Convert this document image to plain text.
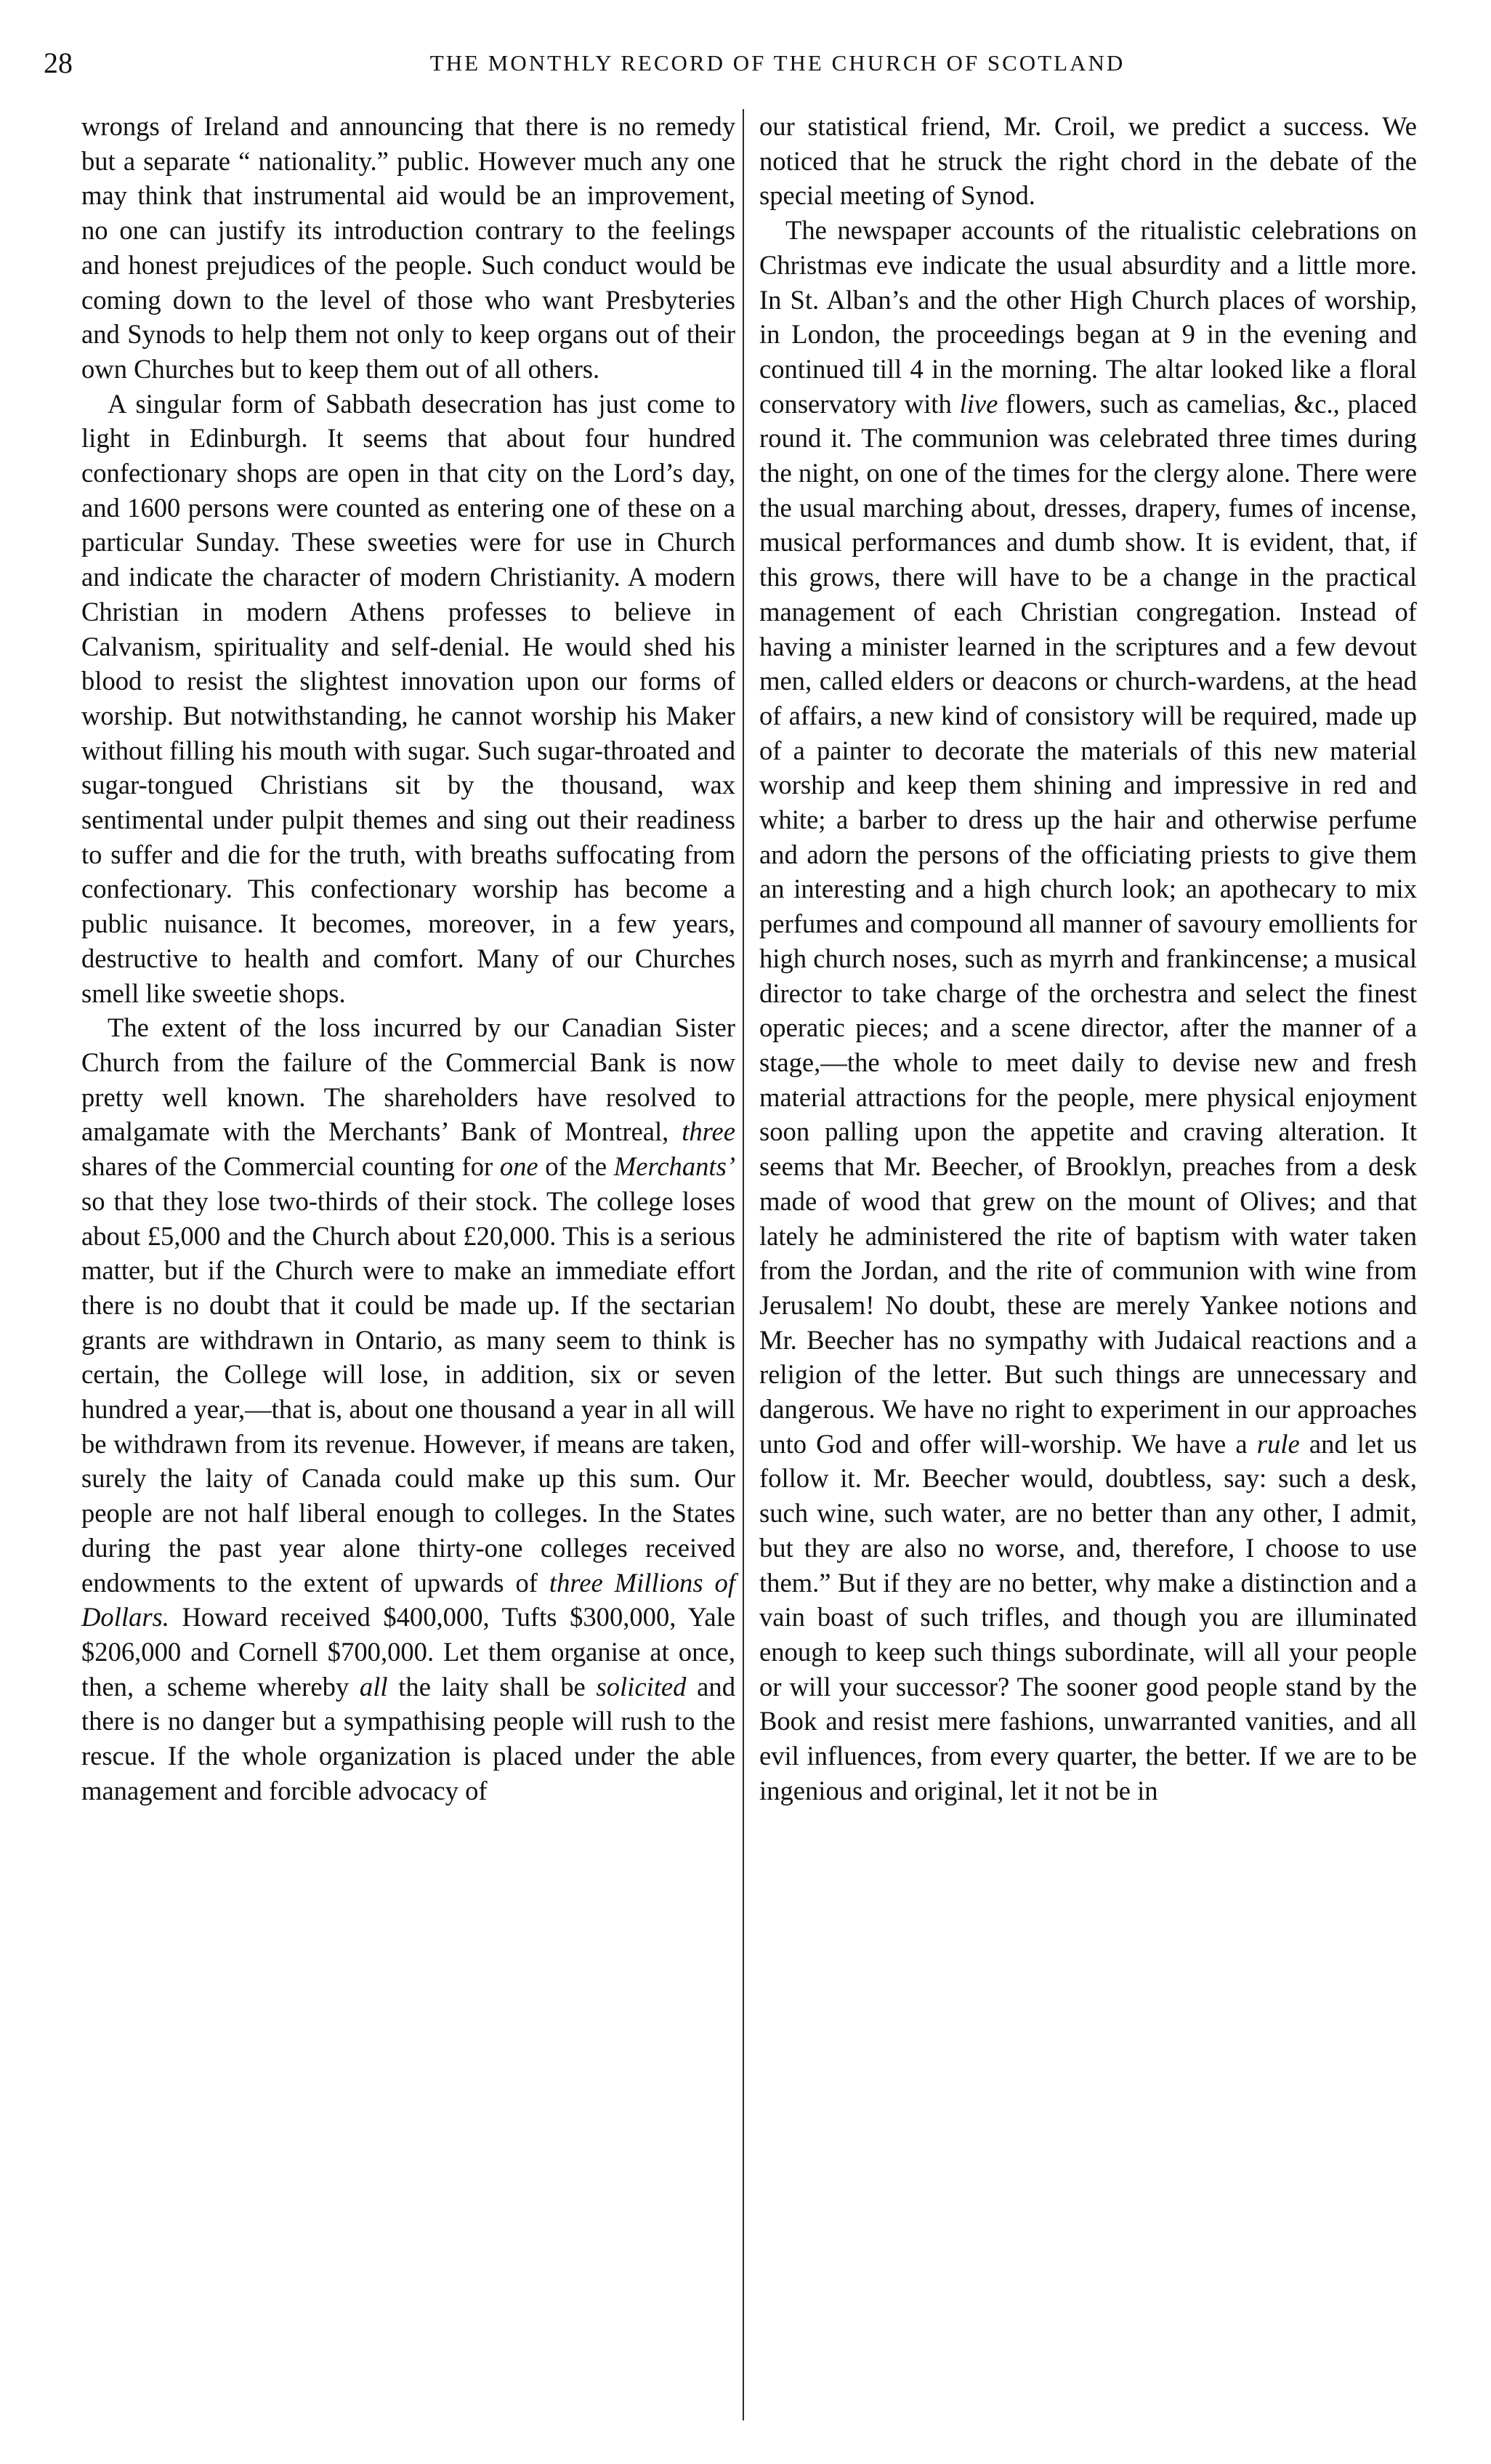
28	THE MONTHLY RECORD OF THE CHURCH OF SCOTLAND

wrongs of Ireland and announcing that there is no remedy but a separate “ nationality.” public. However much any one may think that instrumental aid would be an improvement, no one can justify its introduction contrary to the feelings and honest prejudices of the people. Such conduct would be coming down to the level of those who want Presbyteries and Synods to help them not only to keep organs out of their own Churches but to keep them out of all others.

A singular form of Sabbath desecration has just come to light in Edinburgh. It seems that about four hundred confectionary shops are open in that city on the Lord’s day, and 1600 persons were counted as entering one of these on a particular Sunday. These sweeties were for use in Church and indicate the character of modern Christianity. A modern Christian in modern Athens professes to believe in Calvanism, spirituality and self-denial. He would shed his blood to resist the slightest innovation upon our forms of worship. But notwithstanding, he cannot worship his Maker without filling his mouth with sugar. Such sugar-throated and sugar-tongued Christians sit by the thousand, wax sentimental under pulpit themes and sing out their readiness to suffer and die for the truth, with breaths suffocating from confectionary. This confectionary worship has become a public nuisance. It becomes, moreover, in a few years, destructive to health and comfort. Many of our Churches smell like sweetie shops.

The extent of the loss incurred by our Canadian Sister Church from the failure of the Commercial Bank is now pretty well known. The shareholders have resolved to amalgamate with the Merchants’ Bank of Montreal, three shares of the Commercial counting for one of the Merchants’ so that they lose two-thirds of their stock. The college loses about £5,000 and the Church about £20,000. This is a serious matter, but if the Church were to make an immediate effort there is no doubt that it could be made up. If the sectarian grants are withdrawn in Ontario, as many seem to think is certain, the College will lose, in addition, six or seven hundred a year,—that is, about one thousand a year in all will be withdrawn from its revenue. However, if means are taken, surely the laity of Canada could make up this sum. Our people are not half liberal enough to colleges. In the States during the past year alone thirty-one colleges received endowments to the extent of upwards of three Millions of Dollars. Howard received $400,000, Tufts $300,000, Yale $206,000 and Cornell $700,000. Let them organise at once, then, a scheme whereby all the laity shall be solicited and there is no danger but a sympathising people will rush to the rescue. If the whole organization is placed under the able management and forcible advocacy of

our statistical friend, Mr. Croil, we predict a success. We noticed that he struck the right chord in the debate of the special meeting of Synod.

The newspaper accounts of the ritualistic celebrations on Christmas eve indicate the usual absurdity and a little more. In St. Alban’s and the other High Church places of worship, in London, the proceedings began at 9 in the evening and continued till 4 in the morning. The altar looked like a floral conservatory with live flowers, such as camelias, &c., placed round it. The communion was celebrated three times during the night, on one of the times for the clergy alone. There were the usual marching about, dresses, drapery, fumes of incense, musical performances and dumb show. It is evident, that, if this grows, there will have to be a change in the practical management of each Christian congregation. Instead of having a minister learned in the scriptures and a few devout men, called elders or deacons or church-wardens, at the head of affairs, a new kind of consistory will be required, made up of a painter to decorate the materials of this new material worship and keep them shining and impressive in red and white; a barber to dress up the hair and otherwise perfume and adorn the persons of the officiating priests to give them an interesting and a high church look; an apothecary to mix perfumes and compound all manner of savoury emollients for high church noses, such as myrrh and frankincense; a musical director to take charge of the orchestra and select the finest operatic pieces; and a scene director, after the manner of a stage,—the whole to meet daily to devise new and fresh material attractions for the people, mere physical enjoyment soon palling upon the appetite and craving alteration. It seems that Mr. Beecher, of Brooklyn, preaches from a desk made of wood that grew on the mount of Olives; and that lately he administered the rite of baptism with water taken from the Jordan, and the rite of communion with wine from Jerusalem! No doubt, these are merely Yankee notions and Mr. Beecher has no sympathy with Judaical reactions and a religion of the letter. But such things are unnecessary and dangerous. We have no right to experiment in our approaches unto God and offer will-worship. We have a rule and let us follow it. Mr. Beecher would, doubtless, say: such a desk, such wine, such water, are no better than any other, I admit, but they are also no worse, and, therefore, I choose to use them.” But if they are no better, why make a distinction and a vain boast of such trifles, and though you are illuminated enough to keep such things subordinate, will all your people or will your successor? The sooner good people stand by the Book and resist mere fashions, unwarranted vanities, and all evil influences, from every quarter, the better. If we are to be ingenious and original, let it not be in
